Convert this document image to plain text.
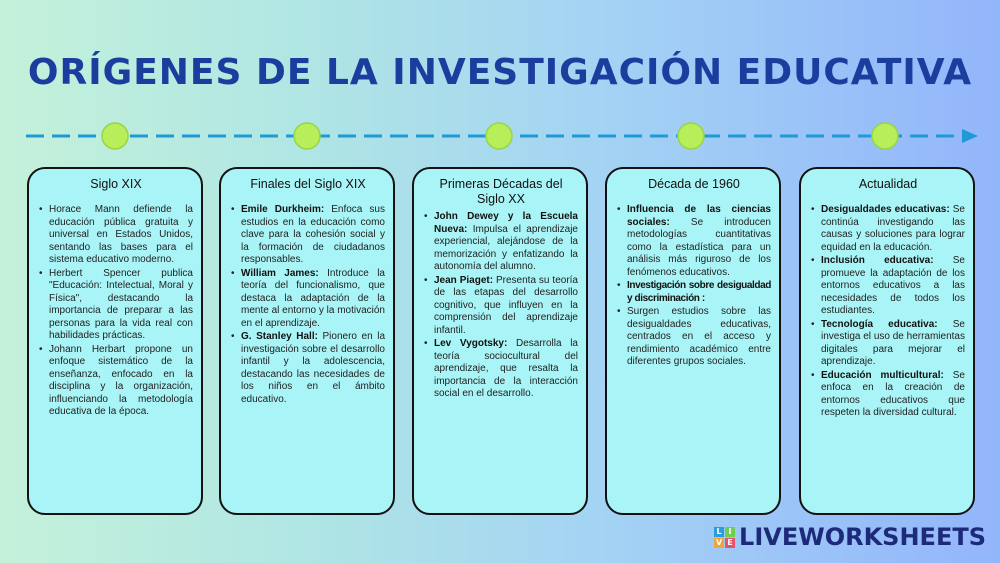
ORÍGENES DE LA INVESTIGACIÓN EDUCATIVA
Siglo XIX
• Horace Mann defiende la educación pública gratuita y universal en Estados Unidos, sentando las bases para el sistema educativo moderno.
• Herbert Spencer publica "Educación: Intelectual, Moral y Física", destacando la importancia de preparar a las personas para la vida real con habilidades prácticas.
• Johann Herbart propone un enfoque sistemático de la enseñanza, enfocado en la disciplina y la organización, influenciando la metodología educativa de la época.
Finales del Siglo XIX
• Emile Durkheim: Enfoca sus estudios en la educación como clave para la cohesión social y la formación de ciudadanos responsables.
• William James: Introduce la teoría del funcionalismo, que destaca la adaptación de la mente al entorno y la motivación en el aprendizaje.
• G. Stanley Hall: Pionero en la investigación sobre el desarrollo infantil y la adolescencia, destacando las necesidades de los niños en el ámbito educativo.
Primeras Décadas del Siglo XX
• John Dewey y la Escuela Nueva: Impulsa el aprendizaje experiencial, alejándose de la memorización y enfatizando la autonomía del alumno.
• Jean Piaget: Presenta su teoría de las etapas del desarrollo cognitivo, que influyen en la comprensión del aprendizaje infantil.
• Lev Vygotsky: Desarrolla la teoría sociocultural del aprendizaje, que resalta la importancia de la interacción social en el desarrollo.
Década de 1960
• Influencia de las ciencias sociales: Se introducen metodologías cuantitativas como la estadística para un análisis más riguroso de los fenómenos educativos.
• Investigación sobre desigualdad y discriminación :
• Surgen estudios sobre las desigualdades educativas, centrados en el acceso y rendimiento académico entre diferentes grupos sociales.
Actualidad
• Desigualdades educativas: Se continúa investigando las causas y soluciones para lograr equidad en la educación.
• Inclusión educativa: Se promueve la adaptación de los entornos educativos a las necesidades de todos los estudiantes.
• Tecnología educativa: Se investiga el uso de herramientas digitales para mejorar el aprendizaje.
• Educación multicultural: Se enfoca en la creación de entornos educativos que respeten la diversidad cultural.
L I
V E LIVEWORKSHEETS
